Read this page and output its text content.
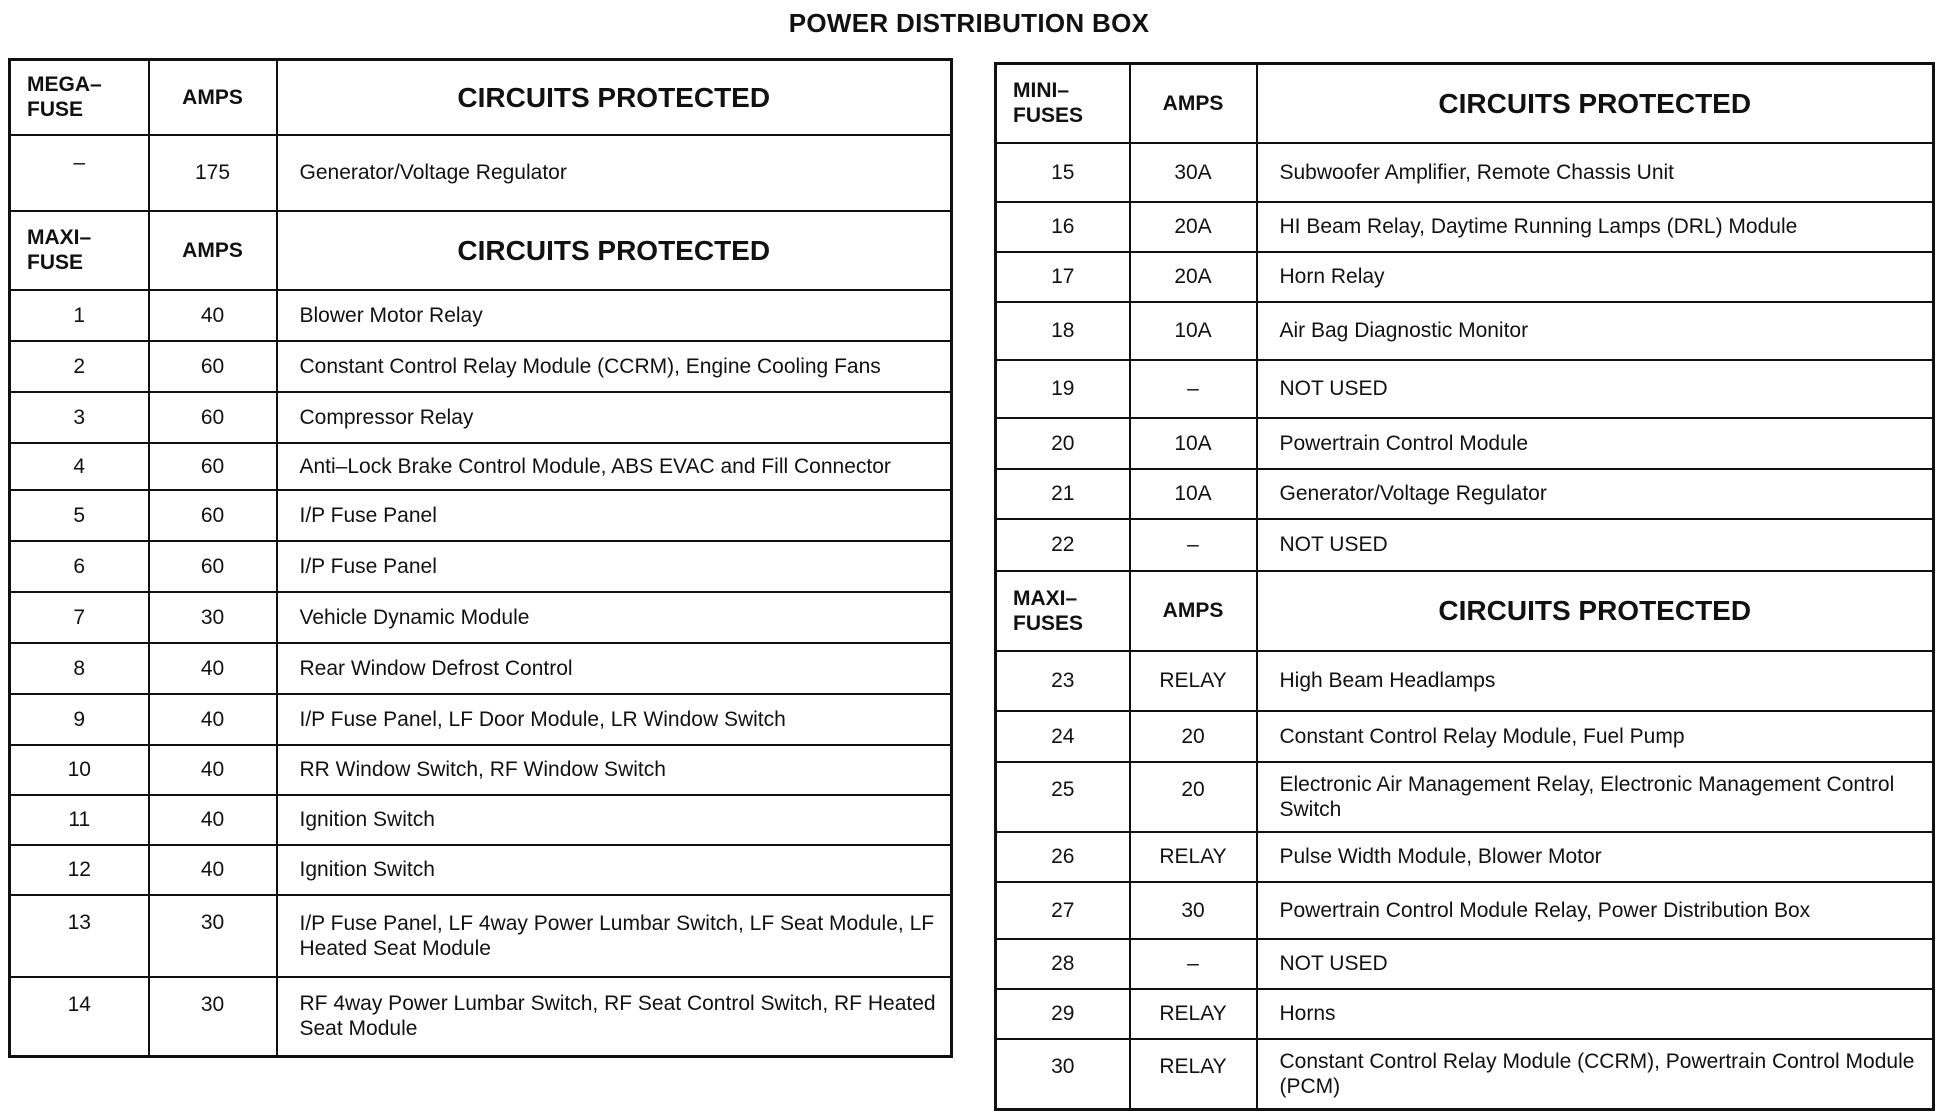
POWER DISTRIBUTION BOX
MEGA–
FUSE	AMPS	CIRCUITS PROTECTED
–	175	Generator/Voltage Regulator

MAXI–
FUSE	AMPS	CIRCUITS PROTECTED
1	40	Blower Motor Relay
2	60	Constant Control Relay Module (CCRM), Engine Cooling Fans
3	60	Compressor Relay
4	60	Anti–Lock Brake Control Module, ABS EVAC and Fill Connector
5	60	I/P Fuse Panel
6	60	I/P Fuse Panel
7	30	Vehicle Dynamic Module
8	40	Rear Window Defrost Control
9	40	I/P Fuse Panel, LF Door Module, LR Window Switch
10	40	RR Window Switch, RF Window Switch
11	40	Ignition Switch
12	40	Ignition Switch
13	30	I/P Fuse Panel, LF 4way Power Lumbar Switch, LF Seat Module, LF Heated Seat Module
14	30	RF 4way Power Lumbar Switch, RF Seat Control Switch, RF Heated Seat Module
MINI–
FUSES	AMPS	CIRCUITS PROTECTED
15	30A	Subwoofer Amplifier, Remote Chassis Unit
16	20A	HI Beam Relay, Daytime Running Lamps (DRL) Module
17	20A	Horn Relay
18	10A	Air Bag Diagnostic Monitor
19	–	NOT USED
20	10A	Powertrain Control Module
21	10A	Generator/Voltage Regulator
22	–	NOT USED

MAXI–
FUSES	AMPS	CIRCUITS PROTECTED
23	RELAY	High Beam Headlamps
24	20	Constant Control Relay Module, Fuel Pump
25	20	Electronic Air Management Relay, Electronic Management Control Switch
26	RELAY	Pulse Width Module, Blower Motor
27	30	Powertrain Control Module Relay, Power Distribution Box
28	–	NOT USED
29	RELAY	Horns
30	RELAY	Constant Control Relay Module (CCRM), Powertrain Control Module (PCM)
